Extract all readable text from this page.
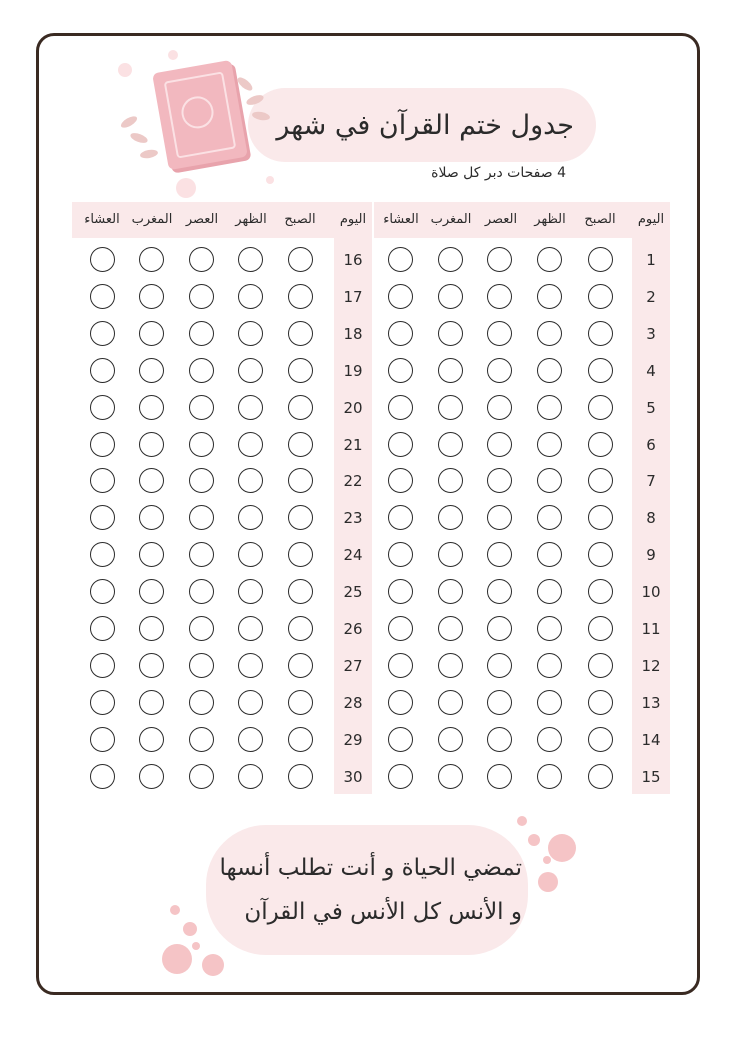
جدول ختم القرآن في شهر
4 صفحات دبر كل صلاة
اليوم
الصبح
الظهر
العصر
المغرب
العشاء
1
2
3
4
5
6
7
8
9
10
11
12
13
14
15
اليوم
الصبح
الظهر
العصر
المغرب
العشاء
16
17
18
19
20
21
22
23
24
25
26
27
28
29
30
تمضي الحياة و أنت تطلب أنسها
و الأنس كل الأنس في القرآن
